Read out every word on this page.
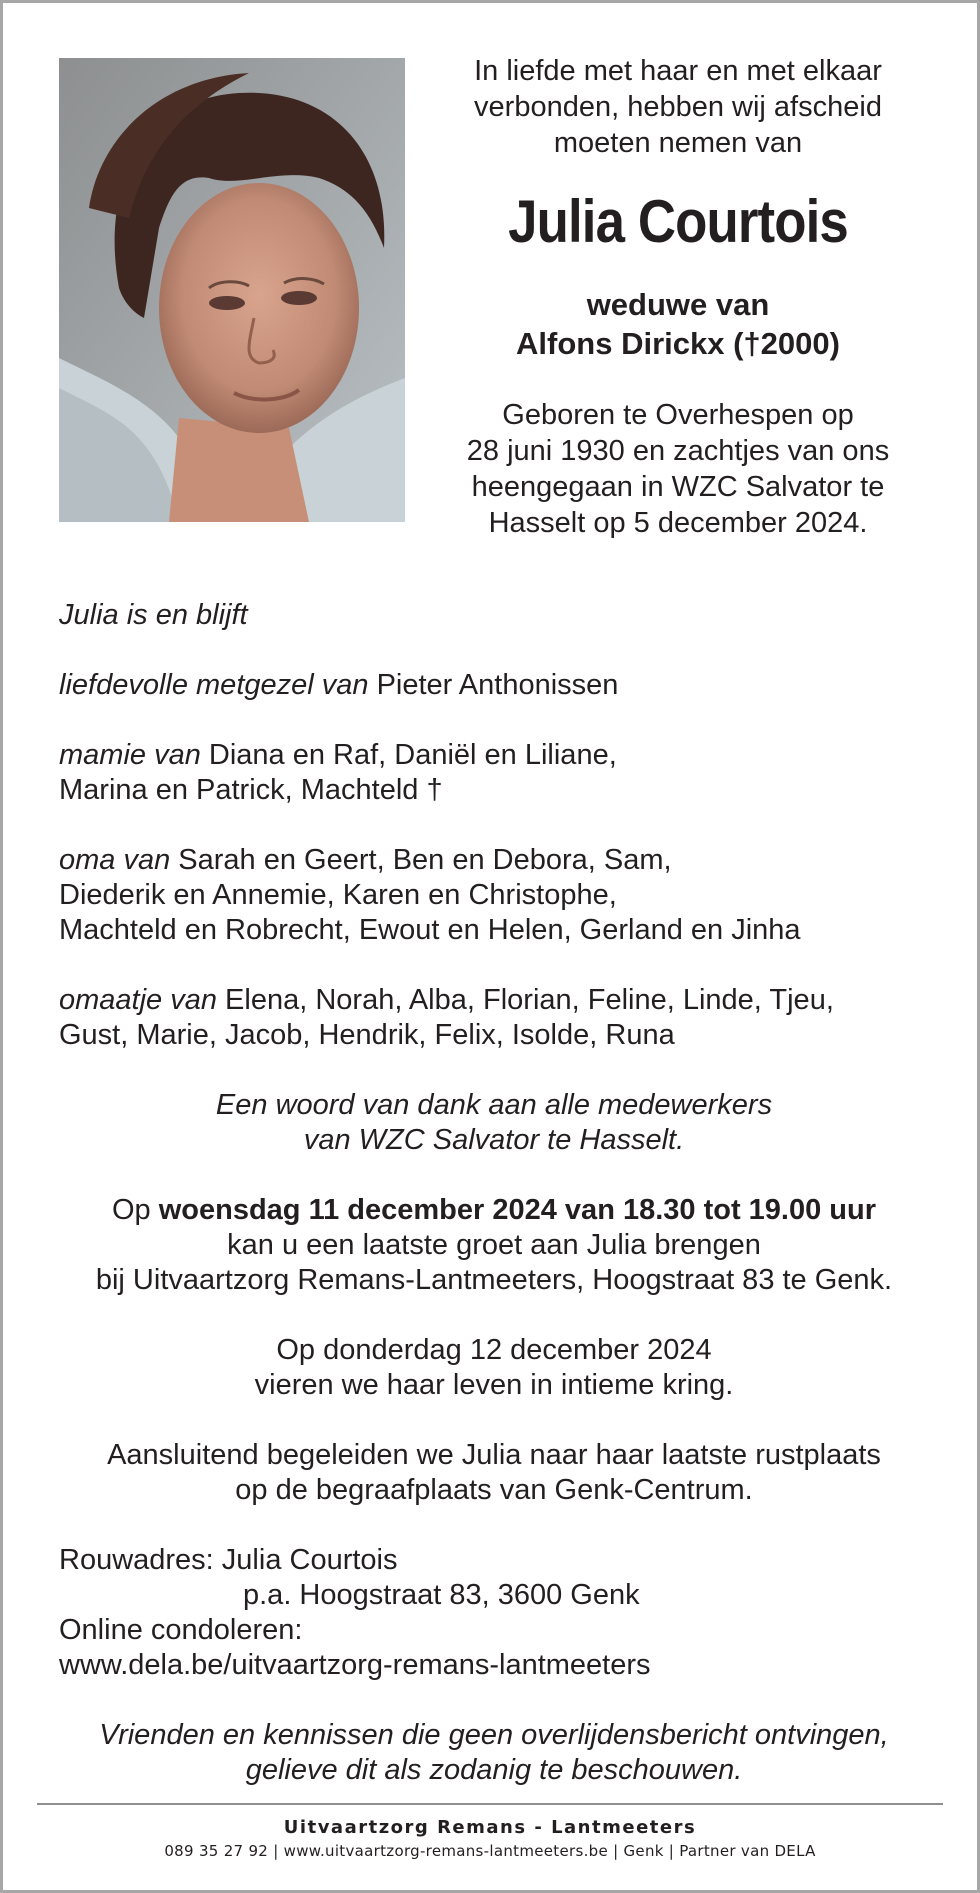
In liefde met haar en met elkaar
verbonden, hebben wij afscheid
moeten nemen van

Julia Courtois

weduwe van
Alfons Dirickx (†2000)

Geboren te Overhespen op
28 juni 1930 en zachtjes van ons
heengegaan in WZC Salvator te
Hasselt op 5 december 2024.

Julia is en blijft

liefdevolle metgezel van Pieter Anthonissen

mamie van Diana en Raf, Daniël en Liliane,
Marina en Patrick, Machteld †

oma van Sarah en Geert, Ben en Debora, Sam,
Diederik en Annemie, Karen en Christophe,
Machteld en Robrecht, Ewout en Helen, Gerland en Jinha

omaatje van Elena, Norah, Alba, Florian, Feline, Linde, Tjeu,
Gust, Marie, Jacob, Hendrik, Felix, Isolde, Runa

Een woord van dank aan alle medewerkers
van WZC Salvator te Hasselt.

Op woensdag 11 december 2024 van 18.30 tot 19.00 uur
kan u een laatste groet aan Julia brengen
bij Uitvaartzorg Remans-Lantmeeters, Hoogstraat 83 te Genk.

Op donderdag 12 december 2024
vieren we haar leven in intieme kring.

Aansluitend begeleiden we Julia naar haar laatste rustplaats
op de begraafplaats van Genk-Centrum.

Rouwadres: Julia Courtois
p.a. Hoogstraat 83, 3600 Genk
Online condoleren:
www.dela.be/uitvaartzorg-remans-lantmeeters

Vrienden en kennissen die geen overlijdensbericht ontvingen,
gelieve dit als zodanig te beschouwen.

Uitvaartzorg Remans - Lantmeeters
089 35 27 92 | www.uitvaartzorg-remans-lantmeeters.be | Genk | Partner van DELA
